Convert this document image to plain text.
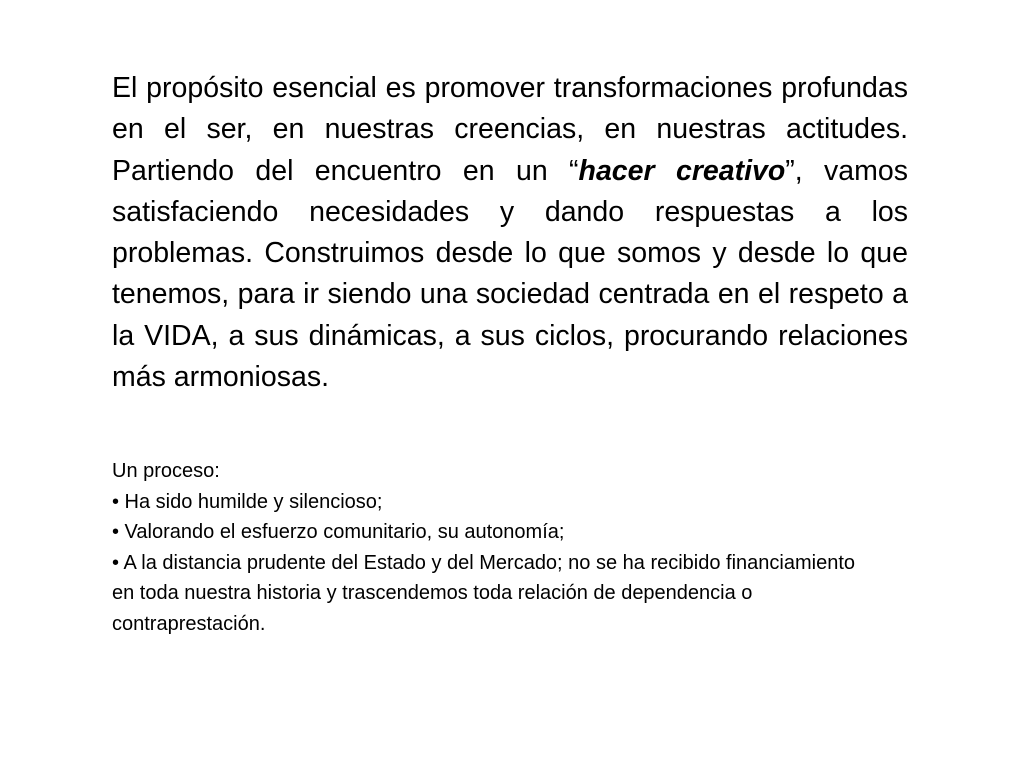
El propósito esencial es promover transformaciones profundas en el ser, en nuestras creencias, en nuestras actitudes. Partiendo del encuentro en un “hacer creativo”, vamos satisfaciendo necesidades y dando respuestas a los problemas. Construimos desde lo que somos y desde lo que tenemos, para ir siendo una sociedad centrada en el respeto a la VIDA, a sus dinámicas, a sus ciclos, procurando relaciones más armoniosas.

Un proceso:

• Ha sido humilde y silencioso;

• Valorando el esfuerzo comunitario, su autonomía;

• A la distancia prudente del Estado y del Mercado; no se ha recibido financiamiento en toda nuestra historia y trascendemos toda relación de dependencia o contraprestación.
